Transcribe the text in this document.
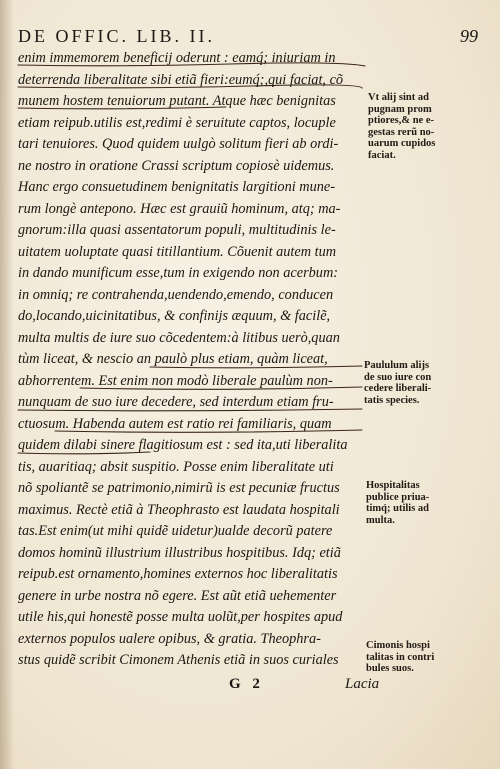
DE OFFIC. LIB. II.	99
enim immemorem beneficij oderunt : eamq́; iniuriam in
deterrenda liberalitate sibi etiã fieri:eumq́;,qui faciat, cõ
munem hostem tenuiorum putant. Atque hæc benignitas
etiam reipub.utilis est,redimi è seruitute captos, locuple
tari tenuiores. Quod quidem uulgò solitum fieri ab ordi-
ne nostro in oratione Crassi scriptum copiosè uidemus.
Hanc ergo consuetudinem benignitatis largitioni mune-
rum longè antepono. Hæc est grauiũ hominum, atq; ma-
gnorum:illa quasi assentatorum populi, multitudinis le-
uitatem uoluptate quasi titillantium. Cõuenit autem tum
in dando munificum esse,tum in exigendo non acerbum:
in omniq; re contrahenda,uendendo,emendo, conducen
do,locando,uicinitatibus, & confinijs æquum, & facilẽ,
multa multis de iure suo cõcedentem:à litibus uerò,quan
tùm liceat, & nescio an paulò plus etiam, quàm liceat,
abhorrentem. Est enim non modò liberale paulùm non-
nunquam de suo iure decedere, sed interdum etiam fru-
ctuosum. Habenda autem est ratio rei familiaris, quam
quidem dilabi sinere flagitiosum est : sed ita,uti liberalita
tis, auaritiaq; absit suspitio. Posse enim liberalitate uti
nõ spoliantẽ se patrimonio,nimirũ is est pecuniæ fructus
maximus. Rectè etiã à Theophrasto est laudata hospitali
tas.Est enim(ut mihi quidẽ uidetur)ualde decorũ patere
domos hominũ illustrium illustribus hospitibus. Idq; etiã
reipub.est ornamento,homines externos hoc liberalitatis
genere in urbe nostra nõ egere. Est aũt etiã uehementer
utile his,qui honestẽ posse multa uolũt,per hospites apud
externos populos ualere opibus, & gratia. Theophra-
stus quidẽ scribit Cimonem Athenis etiã in suos curiales
Vt alij sint ad
pugnam prom
ptiores,& ne e-
gestas rerũ no-
uarum cupidos
faciat.
Paululum alijs
de suo iure con
cedere liberali-
tatis species.
Hospitalitas
publice priua-
timq́; utilis ad
multa.
Cimonis hospi
talitas in contri
bules suos.
G 2	Lacia
